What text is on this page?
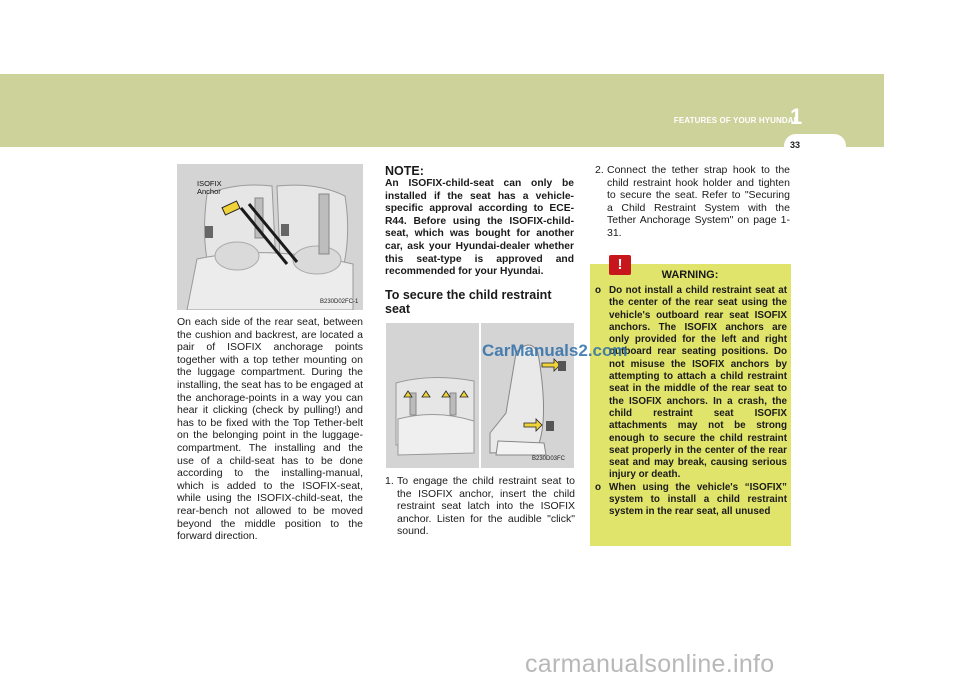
FEATURES OF YOUR HYUNDAI
1
33
ISOFIX
Anchor
B230D02FC-1
On each side of the rear seat, between the cushion and backrest, are located a pair of ISOFIX anchorage points together with a top tether mounting on the luggage compartment. During the installing, the seat has to be engaged at the anchorage-points in a way you can hear it clicking (check by pulling!) and has to be fixed with the Top Tether-belt on the belonging point in the luggage-compartment. The installing and the use of a child-seat has to be done according to the installing-manual, which is added to the ISOFIX-seat, while using the ISOFIX-child-seat, the rear-bench not allowed to be moved beyond the middle position to the forward direction.
NOTE:
An ISOFIX-child-seat can only be installed if the seat has a vehicle-specific approval according to ECE-R44. Before using the ISOFIX-child-seat, which was bought for another car, ask your Hyundai-dealer whether this seat-type is approved and recommended for your Hyundai.
To secure the child restraint seat
B230D03FC
1. To engage the child restraint seat to the ISOFIX anchor, insert the child restraint seat latch into the ISOFIX anchor. Listen for the audible "click" sound.
2. Connect the tether strap hook to the child restraint hook holder and tighten to secure the seat. Refer to "Securing a Child Restraint System with the Tether Anchorage System" on page 1-31.
!
WARNING:
o Do not install a child restraint seat at the center of the rear seat using the vehicle's outboard rear seat ISOFIX anchors. The ISOFIX anchors are only provided for the left and right outboard rear seating positions. Do not misuse the ISOFIX anchors by attempting to attach a child restraint seat in the middle of the rear seat to the ISOFIX anchors. In a crash, the child restraint seat ISOFIX attachments may not be strong enough to secure the child restraint seat properly in the center of the rear seat and may break, causing serious injury or death.
o When using the vehicle's “ISOFIX” system to install a child restraint system in the rear seat, all unused
CarManuals2.com
carmanualsonline.info
